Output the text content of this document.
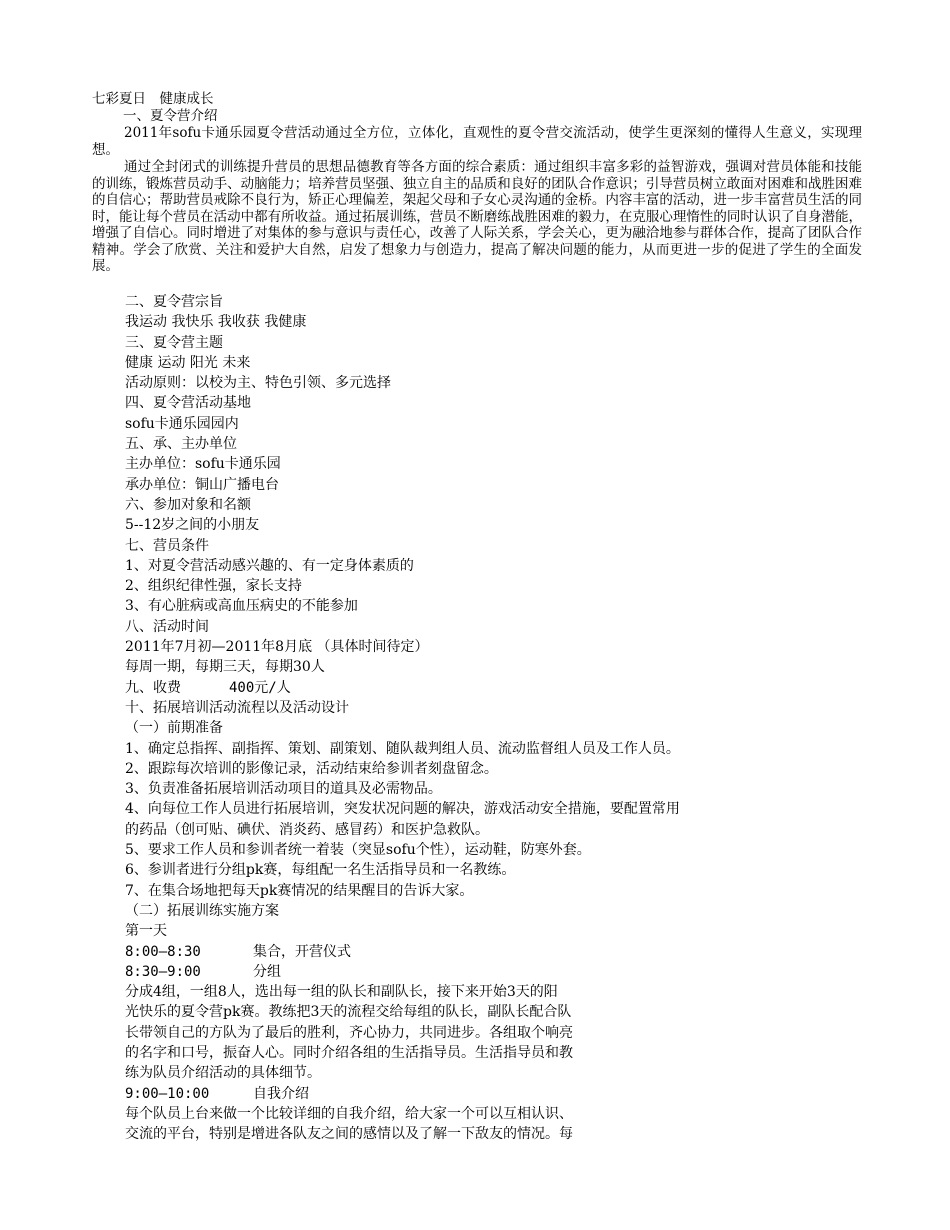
七彩夏日　健康成长
一、夏令营介绍

2011年sofu卡通乐园夏令营活动通过全方位，立体化，直观性的夏令营交流活动，使学生更深刻的懂得人生意义，实现理想。

通过全封闭式的训练提升营员的思想品德教育等各方面的综合素质：通过组织丰富多彩的益智游戏，强调对营员体能和技能的训练，锻炼营员动手、动脑能力；培养营员坚强、独立自主的品质和良好的团队合作意识；引导营员树立敢面对困难和战胜困难的自信心；帮助营员戒除不良行为，矫正心理偏差，架起父母和子女心灵沟通的金桥。内容丰富的活动，进一步丰富营员生活的同时，能让每个营员在活动中都有所收益。通过拓展训练，营员不断磨练战胜困难的毅力，在克服心理惰性的同时认识了自身潜能，增强了自信心。同时增进了对集体的参与意识与责任心，改善了人际关系，学会关心，更为融洽地参与群体合作，提高了团队合作精神。学会了欣赏、关注和爱护大自然，启发了想象力与创造力，提高了解决问题的能力，从而更进一步的促进了学生的全面发展。

二、夏令营宗旨
我运动 我快乐 我收获 我健康
三、夏令营主题
健康 运动 阳光 未来
活动原则：以校为主、特色引领、多元选择
四、夏令营活动基地
sofu卡通乐园园内
五、承、主办单位
主办单位：sofu卡通乐园
承办单位：铜山广播电台
六、参加对象和名额
5--12岁之间的小朋友
七、营员条件
1、对夏令营活动感兴趣的、有一定身体素质的
2、组织纪律性强，家长支持
3、有心脏病或高血压病史的不能参加
八、活动时间
2011年7月初—2011年8月底 （具体时间待定）
每周一期，每期三天，每期30人
九、收费	400元/人
十、拓展培训活动流程以及活动设计
（一）前期准备
1、确定总指挥、副指挥、策划、副策划、随队裁判组人员、流动监督组人员及工作人员。
2、跟踪每次培训的影像记录，活动结束给参训者刻盘留念。
3、负责准备拓展培训活动项目的道具及必需物品。
4、向每位工作人员进行拓展培训，突发状况问题的解决，游戏活动安全措施，要配置常用
的药品（创可贴、碘伏、消炎药、感冒药）和医护急救队。
5、要求工作人员和参训者统一着装（突显sofu个性），运动鞋，防寒外套。
6、参训者进行分组pk赛，每组配一名生活指导员和一名教练。
7、在集合场地把每天pk赛情况的结果醒目的告诉大家。
（二）拓展训练实施方案
第一天
8:00—8:30	集合，开营仪式
8:30—9:00	分组
分成4组，一组8人，选出每一组的队长和副队长，接下来开始3天的阳
光快乐的夏令营pk赛。教练把3天的流程交给每组的队长，副队长配合队
长带领自己的方队为了最后的胜利，齐心协力，共同进步。各组取个响亮
的名字和口号，振奋人心。同时介绍各组的生活指导员。生活指导员和教
练为队员介绍活动的具体细节。
9:00—10:00	自我介绍
每个队员上台来做一个比较详细的自我介绍，给大家一个可以互相认识、
交流的平台，特别是增进各队友之间的感情以及了解一下敌友的情况。每
